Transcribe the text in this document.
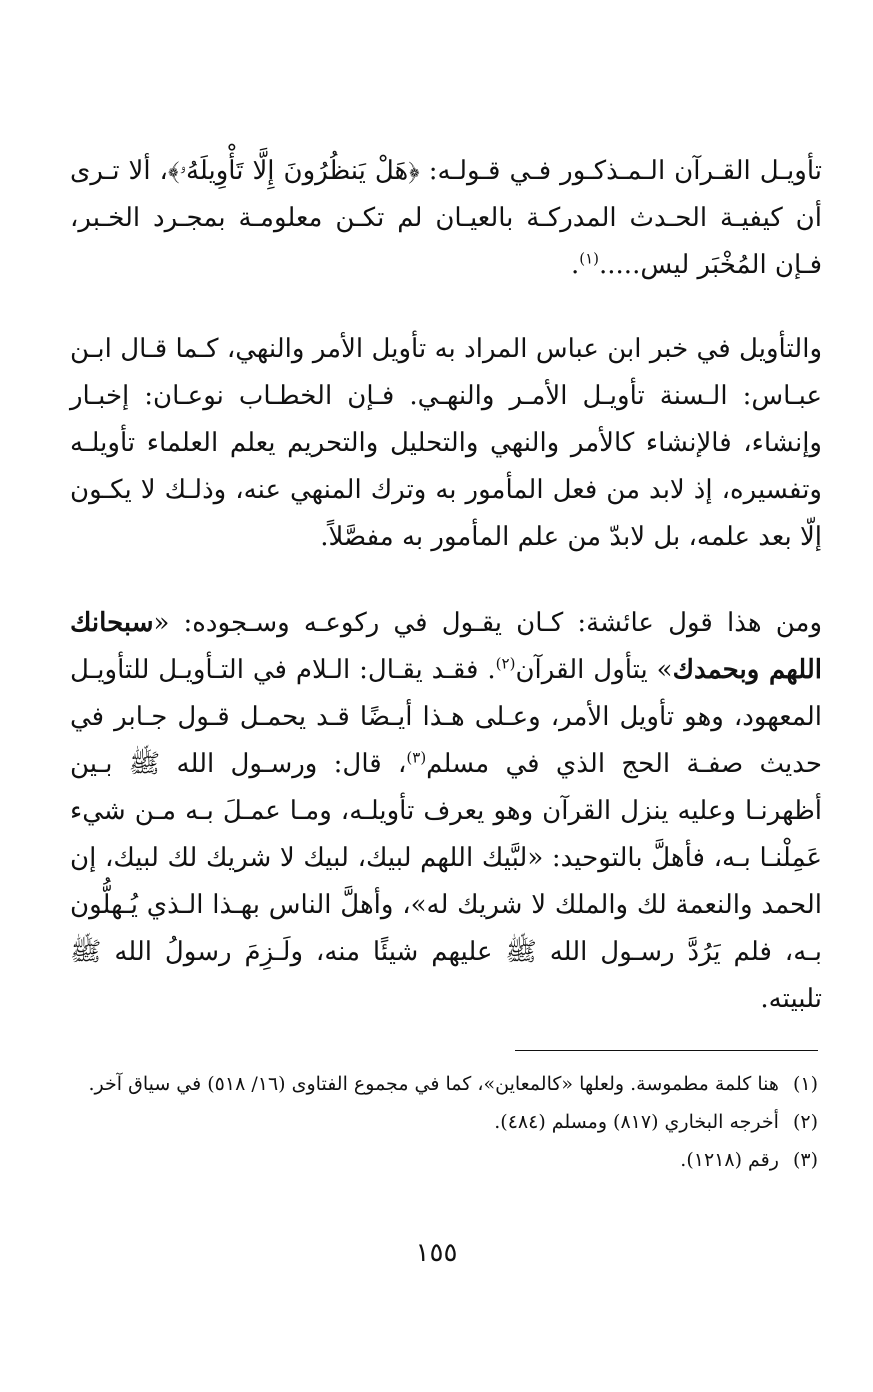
تأويـل القـرآن الـمـذكـور فـي قـولـه: ﴿هَلْ يَنظُرُونَ إِلَّا تَأْوِيلَهُۥ﴾، ألا تـرى أن كيفيـة الحـدث المدركـة بالعيـان لم تكـن معلومـة بمجـرد الخـبر، فـإن المُخْبَر ليس.....$^{(١)}$.

والتأويل في خبر ابن عباس المراد به تأويل الأمر والنهي، كـما قـال ابـن عبـاس: الـسنة تأويـل الأمـر والنهـي. فـإن الخطـاب نوعـان: إخبـار وإنشاء، فالإنشاء كالأمر والنهي والتحليل والتحريم يعلم العلماء تأويلـه وتفسيره، إذ لابد من فعل المأمور به وترك المنهي عنه، وذلـك لا يكـون إلّا بعد علمه، بل لابدّ من علم المأمور به مفصَّلاً.

ومن هذا قول عائشة: كـان يقـول في ركوعـه وسـجوده: «سبحانك اللهم وبحمدك» يتأول القرآن$^{(٢)}$. فقـد يقـال: الـلام في التـأويـل للتأويـل المعهود، وهو تأويل الأمر، وعـلى هـذا أيـضًا قـد يحمـل قـول جـابر في حديث صفـة الحج الذي في مسلم$^{(٣)}$، قال: ورسـول الله ﷺ بـين أظهرنـا وعليه ينزل القرآن وهو يعرف تأويلـه، ومـا عمـلَ بـه مـن شيء عَمِلْنـا بـه، فأهلَّ بالتوحيد: «لبَّيك اللهم لبيك، لبيك لا شريك لك لبيك، إن الحمد والنعمة لك والملك لا شريك له»، وأهلَّ الناس بهـذا الـذي يُـهلُّون بـه، فلم يَرُدَّ رسـول الله ﷺ عليهم شيئًا منه، ولَـزِمَ رسولُ الله ﷺ تلبيته.

(١)
هنا كلمة مطموسة. ولعلها «كالمعاين»، كما في مجموع الفتاوى (١٦/ ٥١٨) في سياق آخر.
(٢)
أخرجه البخاري (٨١٧) ومسلم (٤٨٤).
(٣)
رقم (١٢١٨).
١٥٥
